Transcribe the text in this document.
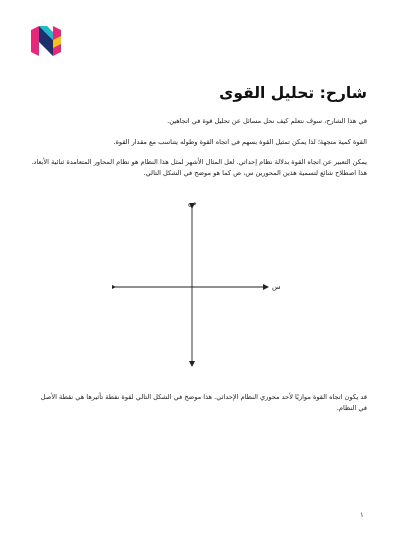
شارح: تحليل القوى
في هذا الشارح، سوف نتعلم كيف نحل مسائل عن تحليل قوة في اتجاهين.
القوة كمية متجهة؛ لذا يمكن تمثيل القوة بسهم في اتجاه القوة وطوله يتناسب مع مقدار القوة.
يمكن التعبير عن اتجاه القوة بدلالة نظام إحداثي. لعل المثال الأشهر لمثل هذا النظام هو نظام المحاور المتعامدة ثنائية الأبعاد. هذا اصطلاح شائع لتسمية هذين المحورين س، ص كما هو موضح في الشكل التالي.
س
ص
قد يكون اتجاه القوة موازيًا لأحد محوري النظام الإحداثي. هذا موضح في الشكل التالي لقوة نقطة تأثيرها هي نقطة الأصل في النظام.
١
